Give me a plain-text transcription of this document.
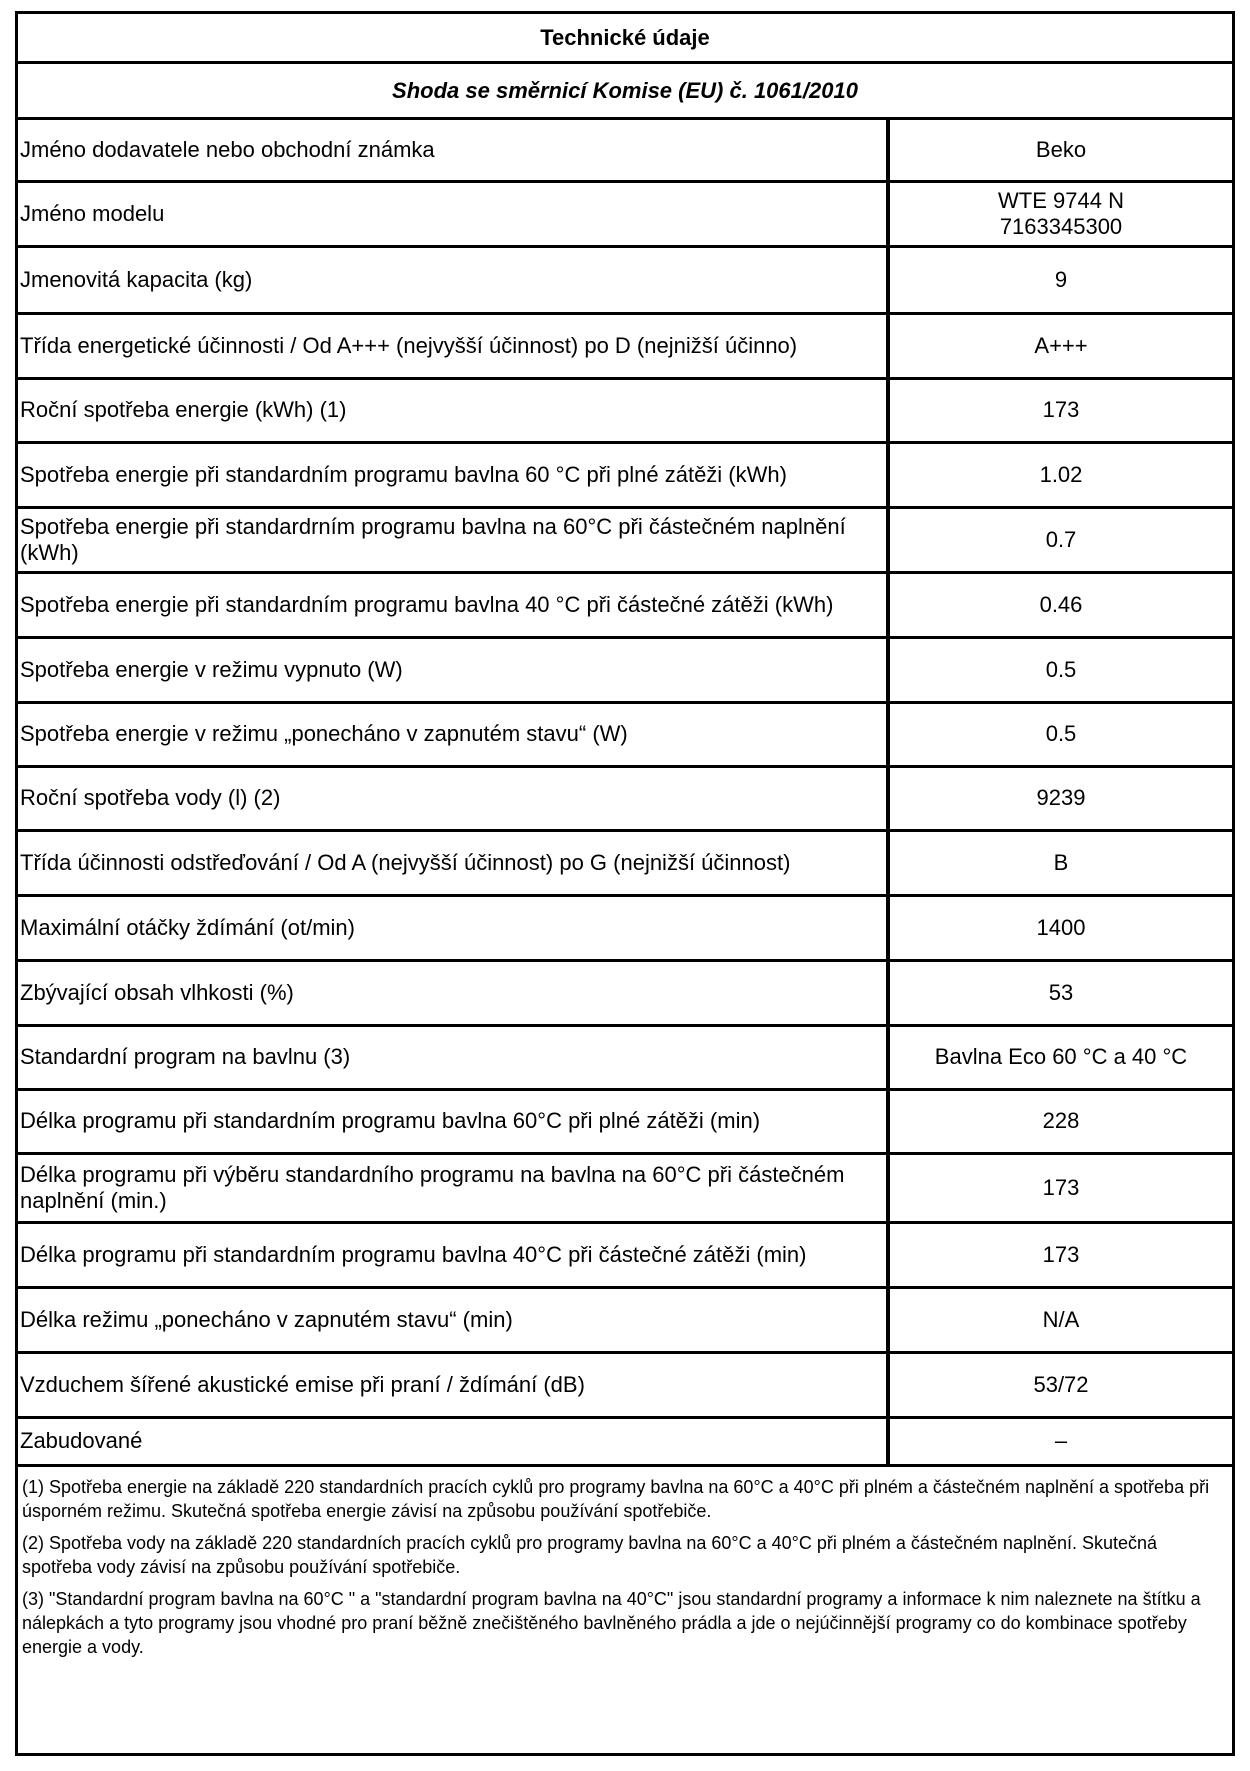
Technické údaje
Shoda se směrnicí Komise (EU) č. 1061/2010
Jméno dodavatele nebo obchodní známka	Beko
Jméno modelu	WTE 9744 N
7163345300

Jmenovitá kapacita (kg)	9
Třída energetické účinnosti / Od A+++ (nejvyšší účinnost) po D (nejnižší účinno)	A+++
Roční spotřeba energie (kWh) (1)	173
Spotřeba energie při standardním programu bavlna 60 °C při plné zátěži (kWh)	1.02
Spotřeba energie při standardrním programu bavlna na 60°C při částečném naplnění (kWh)	0.7
Spotřeba energie při standardním programu bavlna 40 °C při částečné zátěži (kWh)	0.46
Spotřeba energie v režimu vypnuto (W)	0.5
Spotřeba energie v režimu „ponecháno v zapnutém stavu“ (W)	0.5
Roční spotřeba vody (l) (2)	9239
Třída účinnosti odstřeďování / Od A (nejvyšší účinnost) po G (nejnižší účinnost)	B
Maximální otáčky ždímání (ot/min)	1400
Zbývající obsah vlhkosti (%)	53
Standardní program na bavlnu (3)	Bavlna Eco 60 °C a 40 °C
Délka programu při standardním programu bavlna 60°C při plné zátěži (min)	228
Délka programu při výběru standardního programu na bavlna na 60°C při částečném naplnění (min.)	173
Délka programu při standardním programu bavlna 40°C při částečné zátěži (min)	173
Délka režimu „ponecháno v zapnutém stavu“ (min)	N/A
Vzduchem šířené akustické emise při praní / ždímání (dB)	53/72
Zabudované	–

(1) Spotřeba energie na základě 220 standardních pracích cyklů pro programy bavlna na 60°C a 40°C při plném a částečném naplnění a spotřeba při úsporném režimu. Skutečná spotřeba energie závisí na způsobu používání spotřebiče.

(2) Spotřeba vody na základě 220 standardních pracích cyklů pro programy bavlna na 60°C a 40°C při plném a částečném naplnění. Skutečná spotřeba vody závisí na způsobu používání spotřebiče.

(3) "Standardní program bavlna na 60°C " a "standardní program bavlna na 40°C" jsou standardní programy a informace k nim naleznete na štítku a nálepkách a tyto programy jsou vhodné pro praní běžně znečištěného bavlněného prádla a jde o nejúčinnější programy co do kombinace spotřeby energie a vody.
